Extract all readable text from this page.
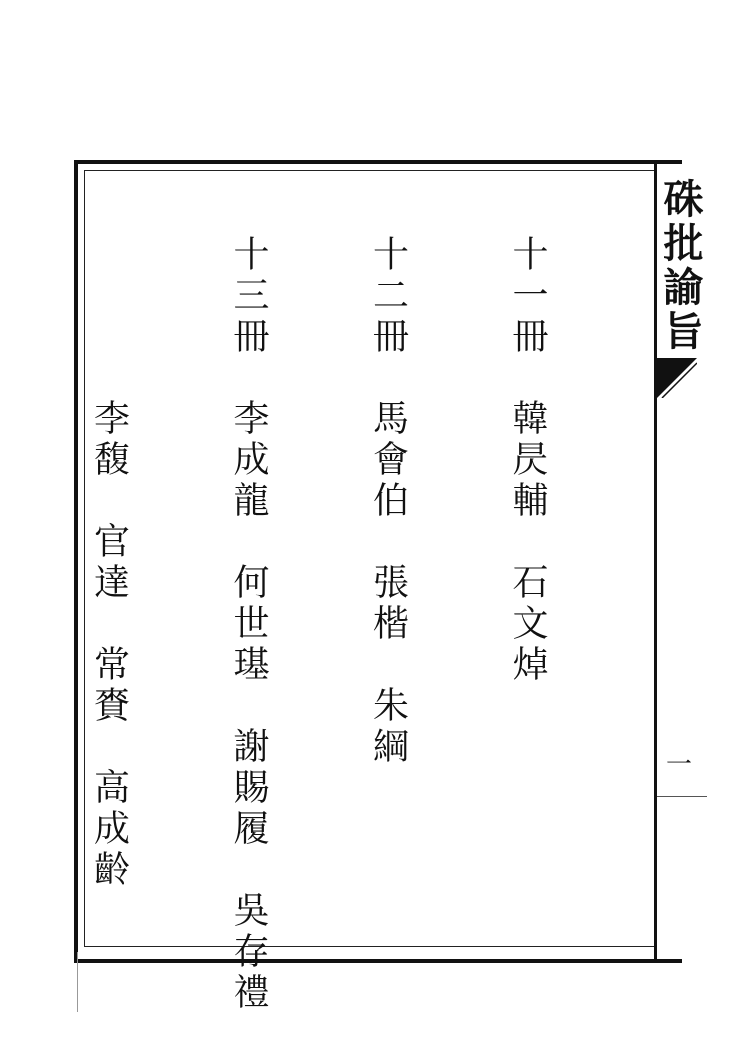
硃批諭旨
一

十一冊　韓昃輔　石文焯

十二冊　馬會伯　張楷　朱綱

十三冊　李成龍　何世璂　謝賜履　吳存禮

　　　　李馥　官達　常賚　高成齡
